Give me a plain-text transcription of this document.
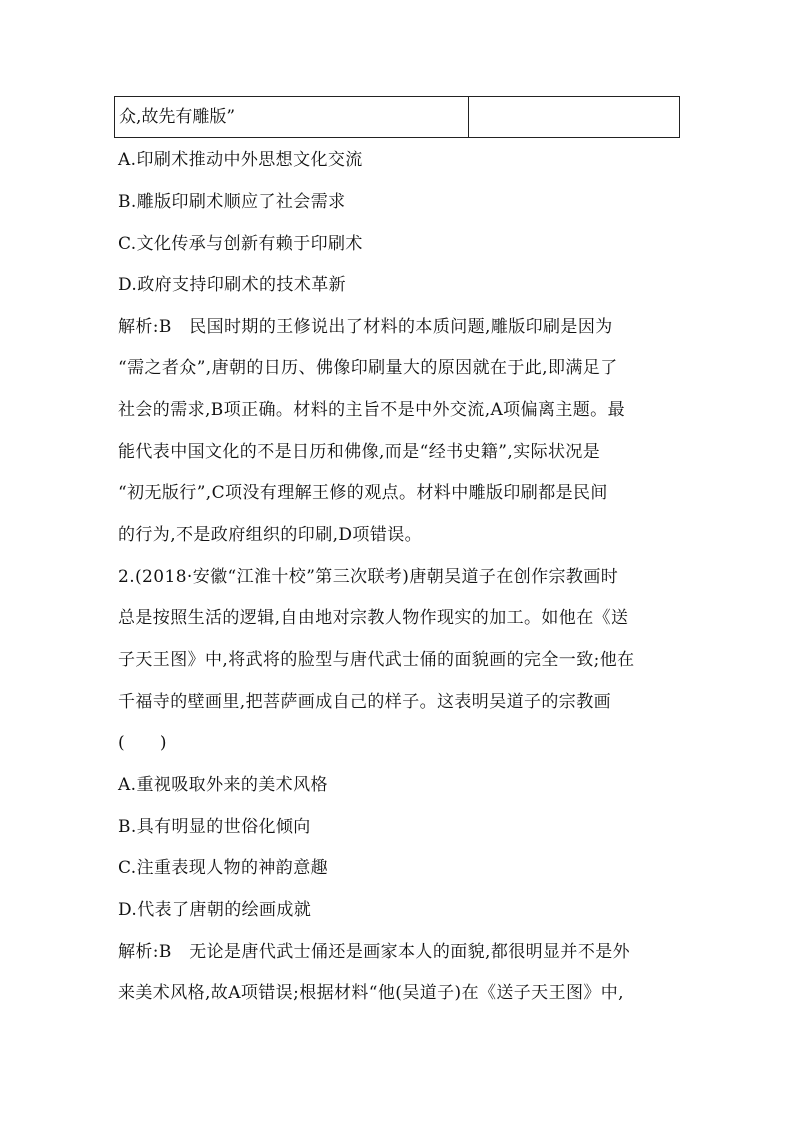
众,故先有雕版”
A.印刷术推动中外思想文化交流
B.雕版印刷术顺应了社会需求
C.文化传承与创新有赖于印刷术
D.政府支持印刷术的技术革新
解析:B　民国时期的王修说出了材料的本质问题,雕版印刷是因为
“需之者众”,唐朝的日历、佛像印刷量大的原因就在于此,即满足了
社会的需求,B项正确。材料的主旨不是中外交流,A项偏离主题。最
能代表中国文化的不是日历和佛像,而是“经书史籍”,实际状况是
“初无版行”,C项没有理解王修的观点。材料中雕版印刷都是民间
的行为,不是政府组织的印刷,D项错误。
2.(2018·安徽“江淮十校”第三次联考)唐朝吴道子在创作宗教画时
总是按照生活的逻辑,自由地对宗教人物作现实的加工。如他在《送
子天王图》中,将武将的脸型与唐代武士俑的面貌画的完全一致;他在
千福寺的壁画里,把菩萨画成自己的样子。这表明吴道子的宗教画
(　　)
A.重视吸取外来的美术风格
B.具有明显的世俗化倾向
C.注重表现人物的神韵意趣
D.代表了唐朝的绘画成就
解析:B　无论是唐代武士俑还是画家本人的面貌,都很明显并不是外
来美术风格,故A项错误;根据材料“他(吴道子)在《送子天王图》中,
